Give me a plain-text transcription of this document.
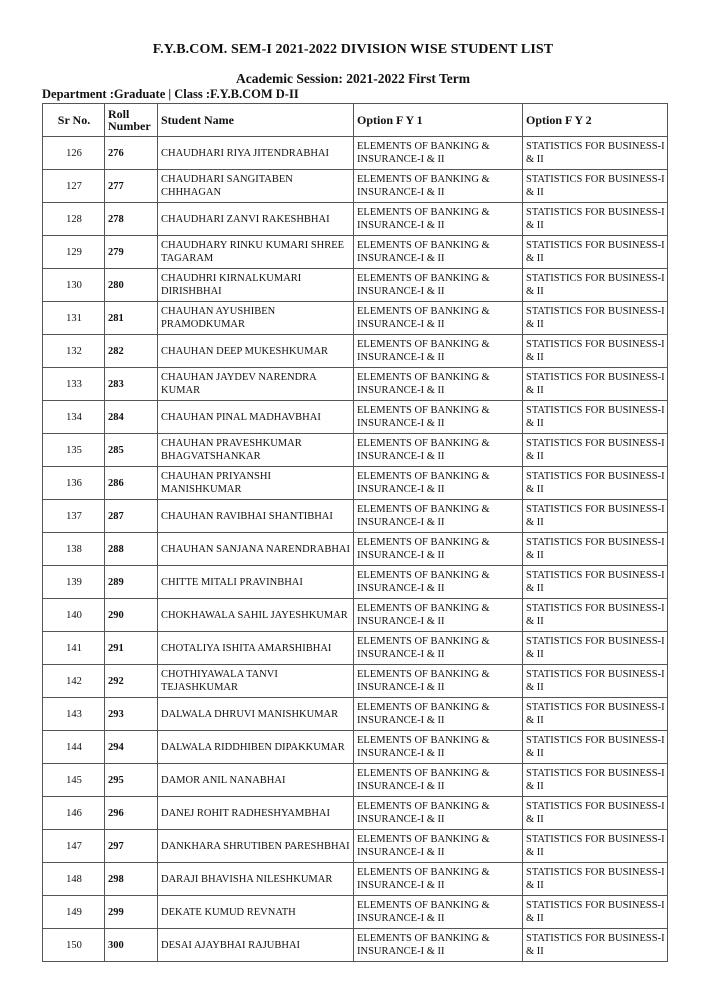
F.Y.B.COM. SEM-I 2021-2022 DIVISION WISE STUDENT LIST
Academic Session: 2021-2022 First Term
Department :Graduate | Class :F.Y.B.COM D-II
Sr No.	Roll Number	Student Name	Option F Y 1	Option F Y 2
126	276	CHAUDHARI RIYA JITENDRABHAI	ELEMENTS OF BANKING & INSURANCE-I & II	STATISTICS FOR BUSINESS-I & II
127	277	CHAUDHARI SANGITABEN CHHHAGAN	ELEMENTS OF BANKING & INSURANCE-I & II	STATISTICS FOR BUSINESS-I & II
128	278	CHAUDHARI ZANVI RAKESHBHAI	ELEMENTS OF BANKING & INSURANCE-I & II	STATISTICS FOR BUSINESS-I & II
129	279	CHAUDHARY RINKU KUMARI SHREE TAGARAM	ELEMENTS OF BANKING & INSURANCE-I & II	STATISTICS FOR BUSINESS-I & II
130	280	CHAUDHRI KIRNALKUMARI DIRISHBHAI	ELEMENTS OF BANKING & INSURANCE-I & II	STATISTICS FOR BUSINESS-I & II
131	281	CHAUHAN AYUSHIBEN PRAMODKUMAR	ELEMENTS OF BANKING & INSURANCE-I & II	STATISTICS FOR BUSINESS-I & II
132	282	CHAUHAN DEEP MUKESHKUMAR	ELEMENTS OF BANKING & INSURANCE-I & II	STATISTICS FOR BUSINESS-I & II
133	283	CHAUHAN JAYDEV NARENDRA KUMAR	ELEMENTS OF BANKING & INSURANCE-I & II	STATISTICS FOR BUSINESS-I & II
134	284	CHAUHAN PINAL MADHAVBHAI	ELEMENTS OF BANKING & INSURANCE-I & II	STATISTICS FOR BUSINESS-I & II
135	285	CHAUHAN PRAVESHKUMAR BHAGVATSHANKAR	ELEMENTS OF BANKING & INSURANCE-I & II	STATISTICS FOR BUSINESS-I & II
136	286	CHAUHAN PRIYANSHI MANISHKUMAR	ELEMENTS OF BANKING & INSURANCE-I & II	STATISTICS FOR BUSINESS-I & II
137	287	CHAUHAN RAVIBHAI SHANTIBHAI	ELEMENTS OF BANKING & INSURANCE-I & II	STATISTICS FOR BUSINESS-I & II
138	288	CHAUHAN SANJANA NARENDRABHAI	ELEMENTS OF BANKING & INSURANCE-I & II	STATISTICS FOR BUSINESS-I & II
139	289	CHITTE MITALI PRAVINBHAI	ELEMENTS OF BANKING & INSURANCE-I & II	STATISTICS FOR BUSINESS-I & II
140	290	CHOKHAWALA SAHIL JAYESHKUMAR	ELEMENTS OF BANKING & INSURANCE-I & II	STATISTICS FOR BUSINESS-I & II
141	291	CHOTALIYA ISHITA AMARSHIBHAI	ELEMENTS OF BANKING & INSURANCE-I & II	STATISTICS FOR BUSINESS-I & II
142	292	CHOTHIYAWALA TANVI TEJASHKUMAR	ELEMENTS OF BANKING & INSURANCE-I & II	STATISTICS FOR BUSINESS-I & II
143	293	DALWALA DHRUVI MANISHKUMAR	ELEMENTS OF BANKING & INSURANCE-I & II	STATISTICS FOR BUSINESS-I & II
144	294	DALWALA RIDDHIBEN DIPAKKUMAR	ELEMENTS OF BANKING & INSURANCE-I & II	STATISTICS FOR BUSINESS-I & II
145	295	DAMOR ANIL NANABHAI	ELEMENTS OF BANKING & INSURANCE-I & II	STATISTICS FOR BUSINESS-I & II
146	296	DANEJ ROHIT RADHESHYAMBHAI	ELEMENTS OF BANKING & INSURANCE-I & II	STATISTICS FOR BUSINESS-I & II
147	297	DANKHARA SHRUTIBEN PARESHBHAI	ELEMENTS OF BANKING & INSURANCE-I & II	STATISTICS FOR BUSINESS-I & II
148	298	DARAJI BHAVISHA NILESHKUMAR	ELEMENTS OF BANKING & INSURANCE-I & II	STATISTICS FOR BUSINESS-I & II
149	299	DEKATE KUMUD REVNATH	ELEMENTS OF BANKING & INSURANCE-I & II	STATISTICS FOR BUSINESS-I & II
150	300	DESAI AJAYBHAI RAJUBHAI	ELEMENTS OF BANKING & INSURANCE-I & II	STATISTICS FOR BUSINESS-I & II
